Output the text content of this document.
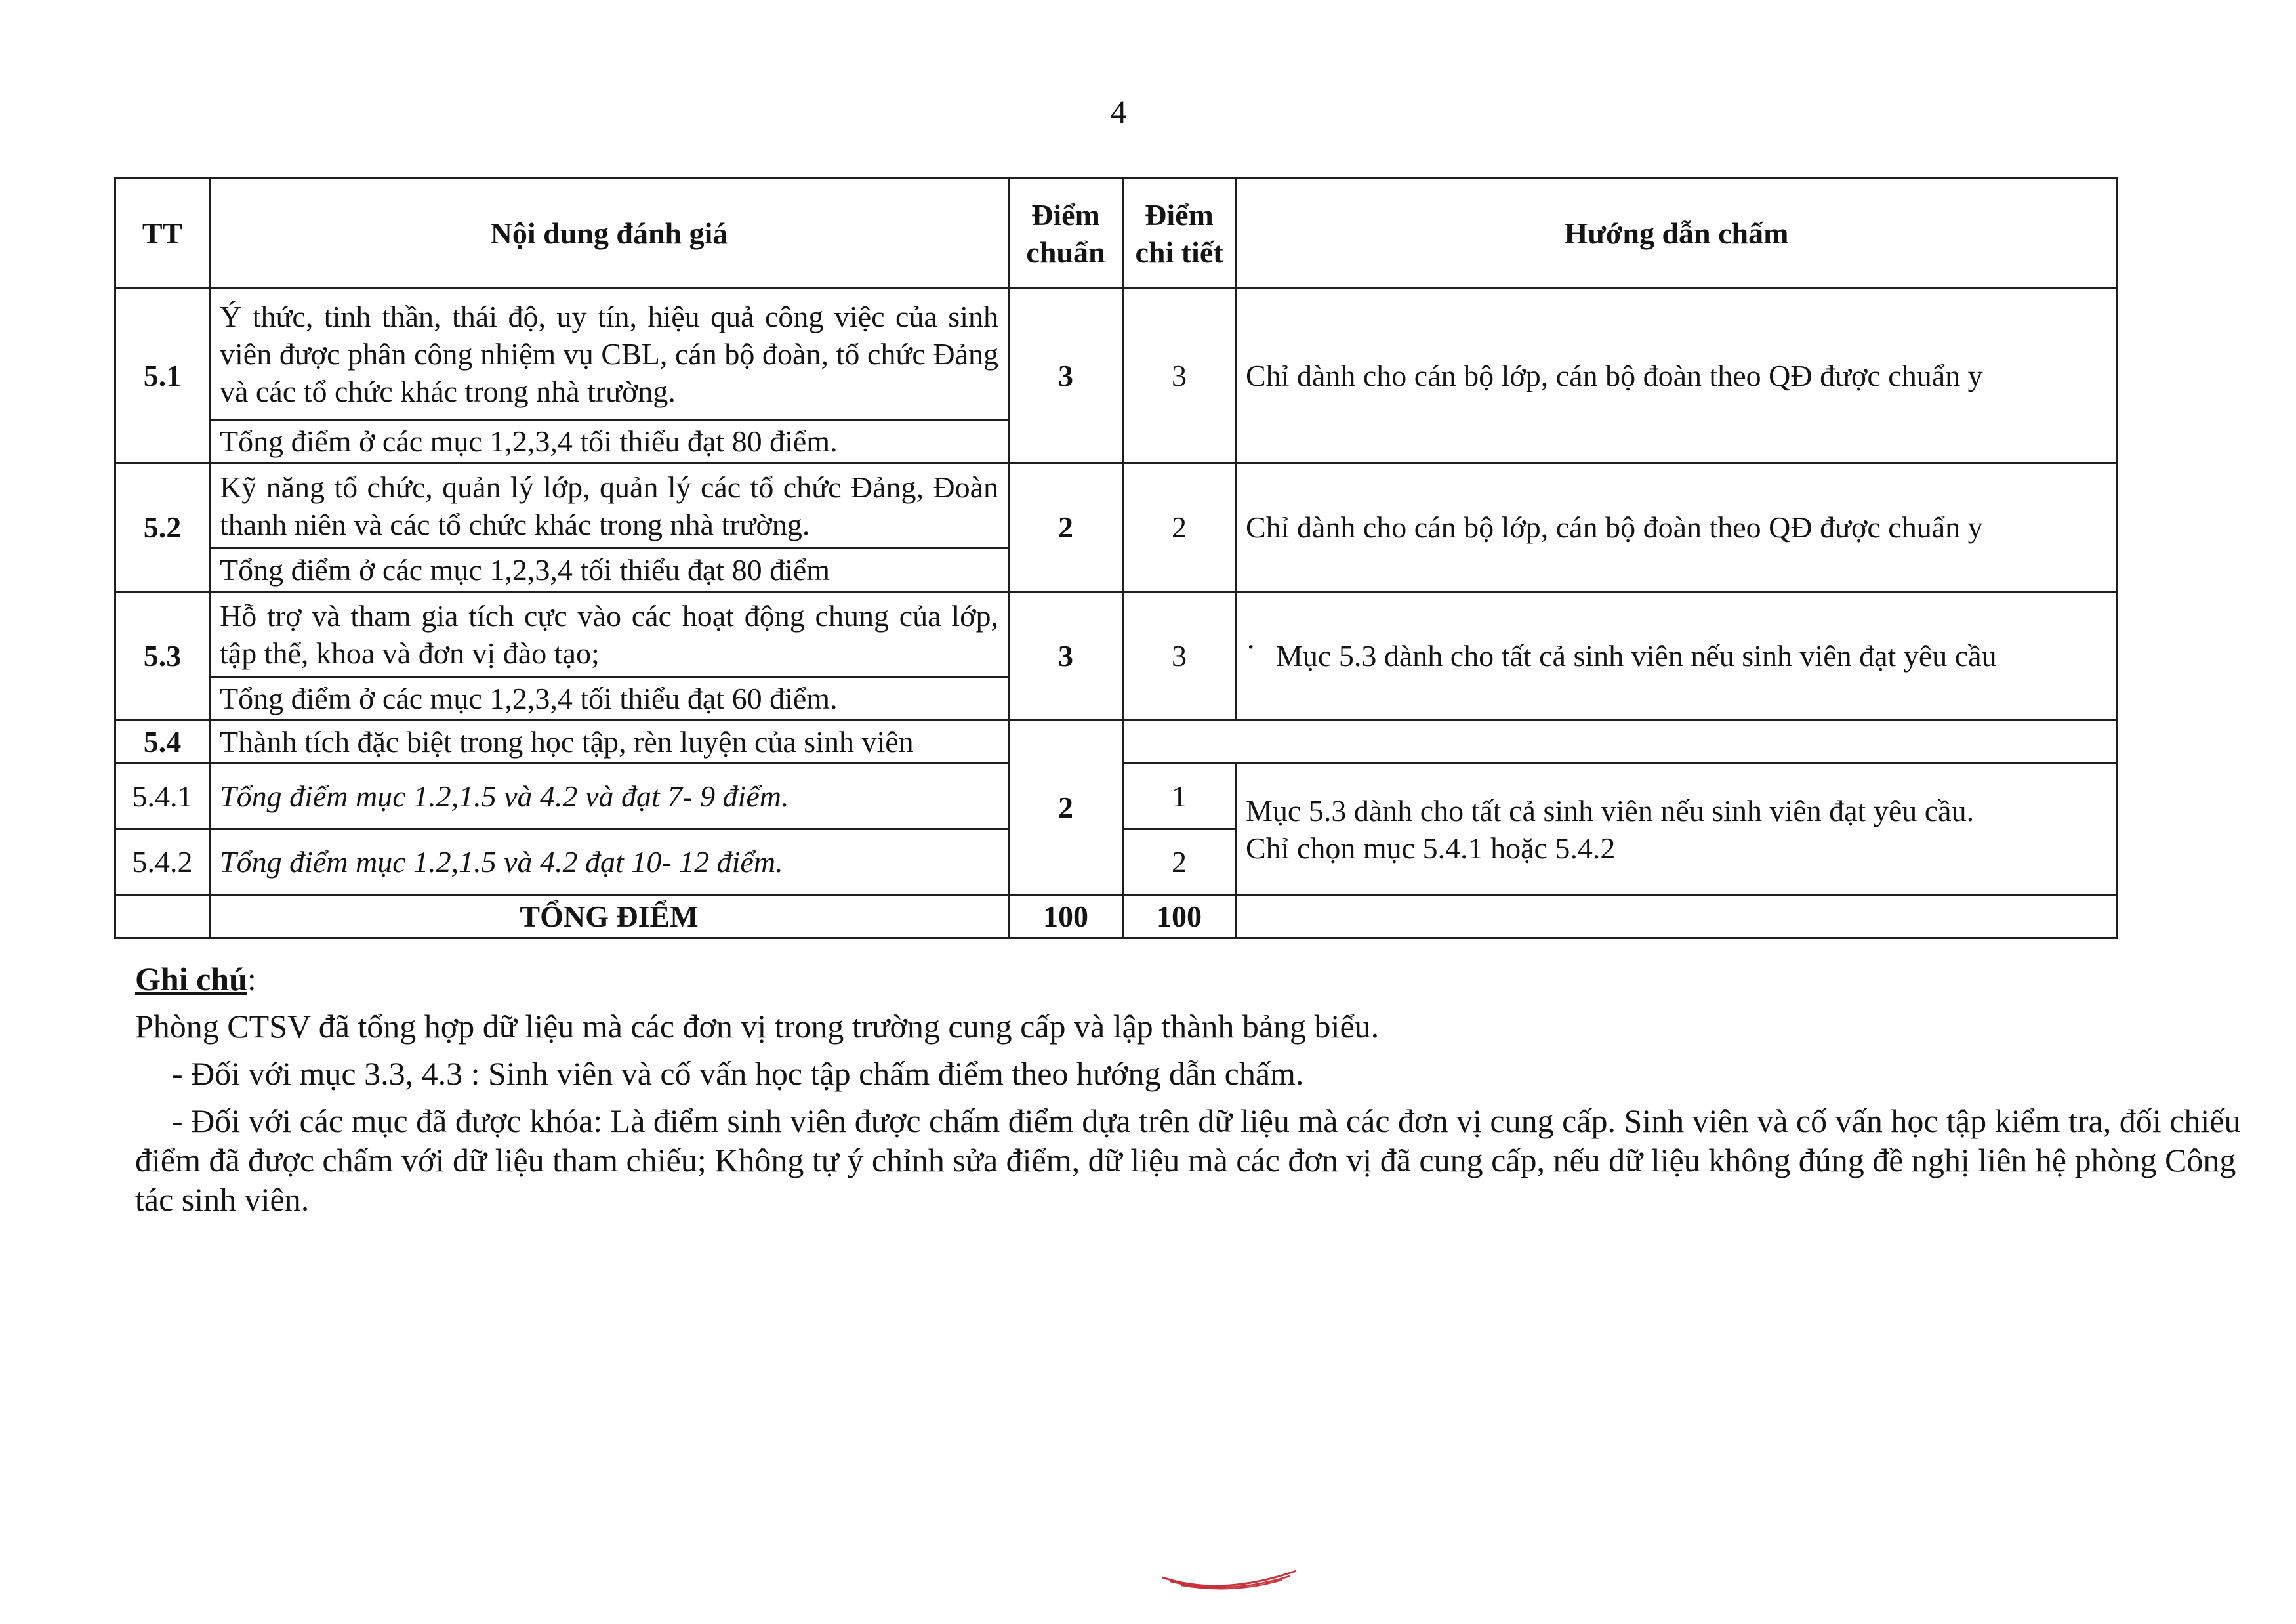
4
TT	Nội dung đánh giá	Điểm chuẩn	Điểm chi tiết	Hướng dẫn chấm
5.1	Ý thức, tinh thần, thái độ, uy tín, hiệu quả công việc của sinh viên được phân công nhiệm vụ CBL, cán bộ đoàn, tổ chức Đảng và các tổ chức khác trong nhà trường.	3	3	Chỉ dành cho cán bộ lớp, cán bộ đoàn theo QĐ được chuẩn y
	Tổng điểm ở các mục 1,2,3,4 tối thiểu đạt 80 điểm.			
5.2	Kỹ năng tổ chức, quản lý lớp, quản lý các tổ chức Đảng, Đoàn thanh niên và các tổ chức khác trong nhà trường.	2	2	Chỉ dành cho cán bộ lớp, cán bộ đoàn theo QĐ được chuẩn y
	Tổng điểm ở các mục 1,2,3,4 tối thiểu đạt 80 điểm			
5.3	Hỗ trợ và tham gia tích cực vào các hoạt động chung của lớp, tập thể, khoa và đơn vị đào tạo;	3	3	· Mục 5.3 dành cho tất cả sinh viên nếu sinh viên đạt yêu cầu
	Tổng điểm ở các mục 1,2,3,4 tối thiểu đạt 60 điểm.			
5.4	Thành tích đặc biệt trong học tập, rèn luyện của sinh viên	2		
5.4.1	Tổng điểm mục 1.2,1.5 và 4.2 và đạt 7- 9 điểm.		1	Mục 5.3 dành cho tất cả sinh viên nếu sinh viên đạt yêu cầu.
Chỉ chọn mục 5.4.1 hoặc 5.4.2

5.4.2	Tổng điểm mục 1.2,1.5 và 4.2 đạt 10- 12 điểm.		2	
	TỔNG ĐIỂM	100	100	

Ghi chú:

Phòng CTSV đã tổng hợp dữ liệu mà các đơn vị trong trường cung cấp và lập thành bảng biểu.

- Đối với mục 3.3, 4.3 : Sinh viên và cố vấn học tập chấm điểm theo hướng dẫn chấm.

- Đối với các mục đã được khóa: Là điểm sinh viên được chấm điểm dựa trên dữ liệu mà các đơn vị cung cấp. Sinh viên và cố vấn học tập kiểm tra, đối chiếu điểm đã được chấm với dữ liệu tham chiếu; Không tự ý chỉnh sửa điểm, dữ liệu mà các đơn vị đã cung cấp, nếu dữ liệu không đúng đề nghị liên hệ phòng Công tác sinh viên.
